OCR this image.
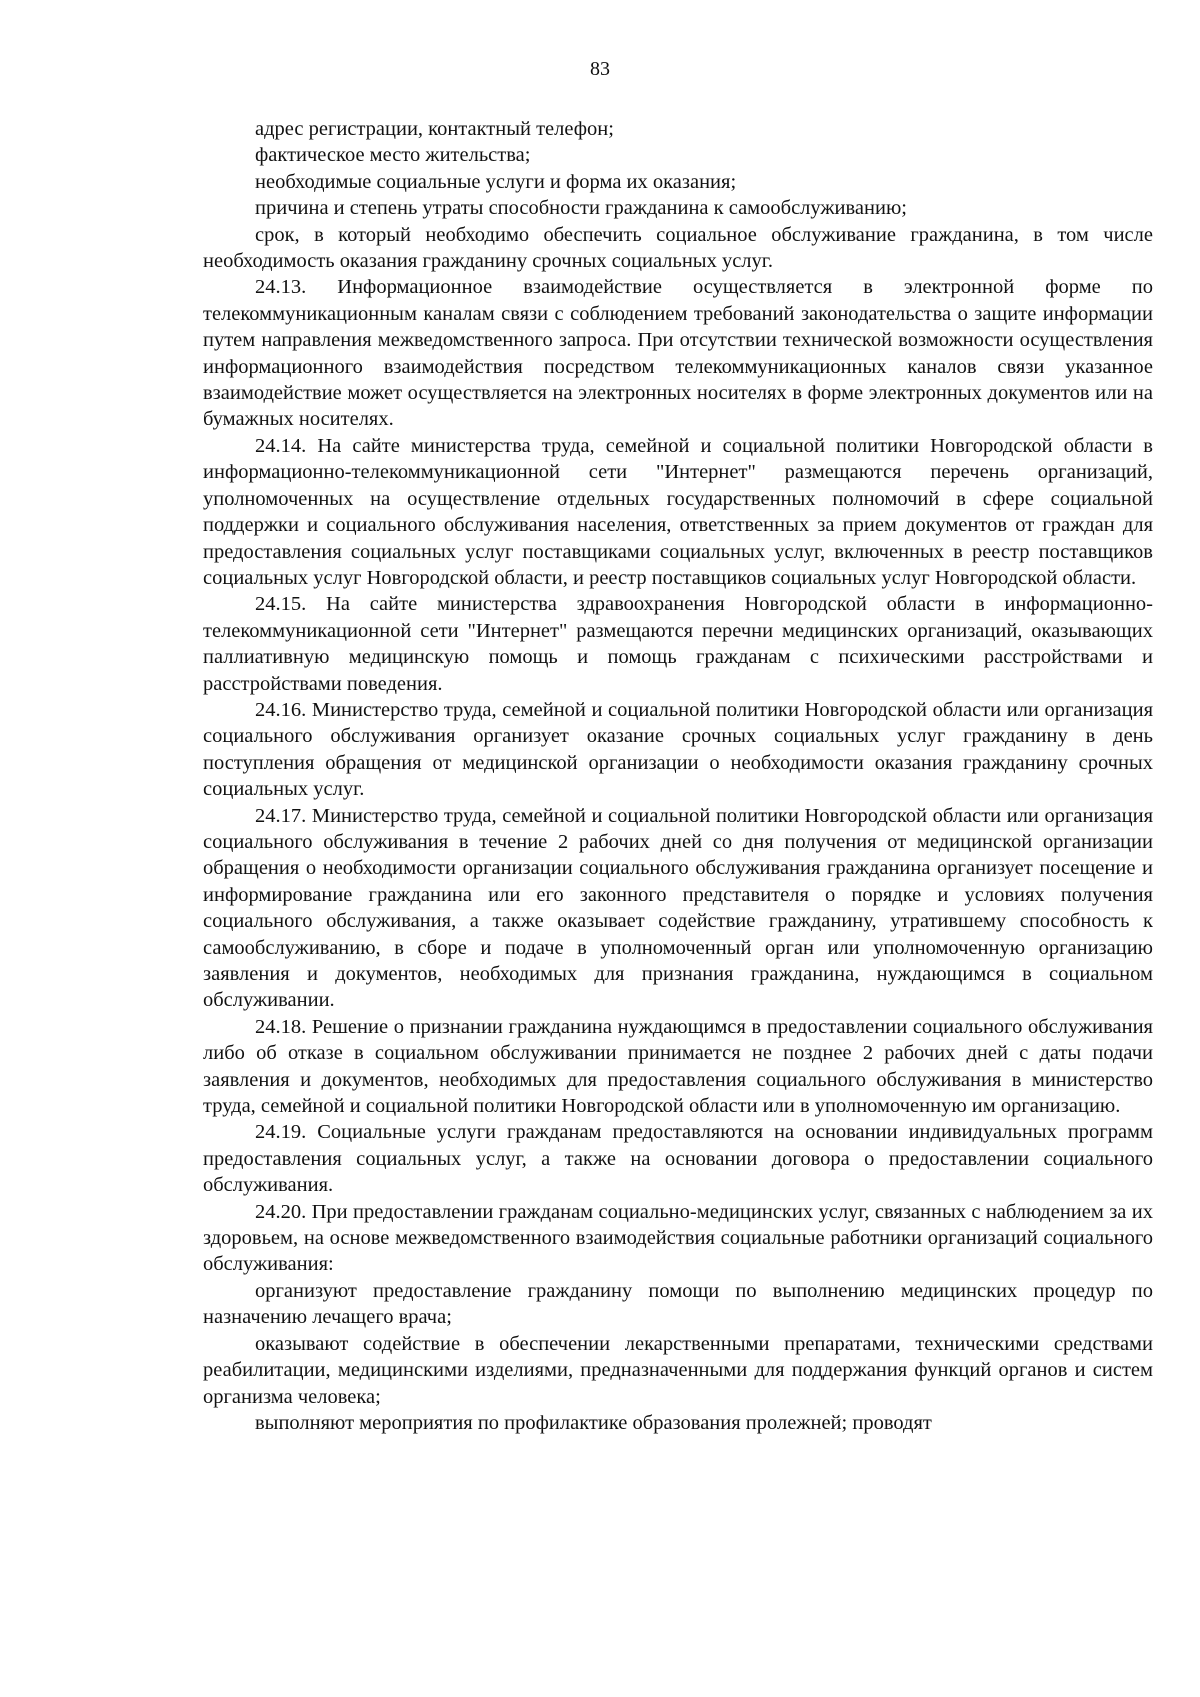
83

адрес регистрации, контактный телефон;

фактическое место жительства;

необходимые социальные услуги и форма их оказания;

причина и степень утраты способности гражданина к самообслуживанию;

срок, в который необходимо обеспечить социальное обслуживание гражданина, в том числе необходимость оказания гражданину срочных социальных услуг.

24.13. Информационное взаимодействие осуществляется в электронной форме по телекоммуникационным каналам связи с соблюдением требований законодательства о защите информации путем направления межведомственного запроса. При отсутствии технической возможности осуществления информационного взаимодействия посредством телекоммуникационных каналов связи указанное взаимодействие может осуществляется на электронных носителях в форме электронных документов или на бумажных носителях.

24.14. На сайте министерства труда, семейной и социальной политики Новгородской области в информационно-телекоммуникационной сети "Интернет" размещаются перечень организаций, уполномоченных на осуществление отдельных государственных полномочий в сфере социальной поддержки и социального обслуживания населения, ответственных за прием документов от граждан для предоставления социальных услуг поставщиками социальных услуг, включенных в реестр поставщиков социальных услуг Новгородской области, и реестр поставщиков социальных услуг Новгородской области.

24.15. На сайте министерства здравоохранения Новгородской области в информационно-телекоммуникационной сети "Интернет" размещаются перечни медицинских организаций, оказывающих паллиативную медицинскую помощь и помощь гражданам с психическими расстройствами и расстройствами поведения.

24.16. Министерство труда, семейной и социальной политики Новгородской области или организация социального обслуживания организует оказание срочных социальных услуг гражданину в день поступления обращения от медицинской организации о необходимости оказания гражданину срочных социальных услуг.

24.17. Министерство труда, семейной и социальной политики Новгородской области или организация социального обслуживания в течение 2 рабочих дней со дня получения от медицинской организации обращения о необходимости организации социального обслуживания гражданина организует посещение и информирование гражданина или его законного представителя о порядке и условиях получения социального обслуживания, а также оказывает содействие гражданину, утратившему способность к самообслуживанию, в сборе и подаче в уполномоченный орган или уполномоченную организацию заявления и документов, необходимых для признания гражданина, нуждающимся в социальном обслуживании.

24.18. Решение о признании гражданина нуждающимся в предоставлении социального обслуживания либо об отказе в социальном обслуживании принимается не позднее 2 рабочих дней с даты подачи заявления и документов, необходимых для предоставления социального обслуживания в министерство труда, семейной и социальной политики Новгородской области или в уполномоченную им организацию.

24.19. Социальные услуги гражданам предоставляются на основании индивидуальных программ предоставления социальных услуг, а также на основании договора о предоставлении социального обслуживания.

24.20. При предоставлении гражданам социально-медицинских услуг, связанных с наблюдением за их здоровьем, на основе межведомственного взаимодействия социальные работники организаций социального обслуживания:

организуют предоставление гражданину помощи по выполнению медицинских процедур по назначению лечащего врача;

оказывают содействие в обеспечении лекарственными препаратами, техническими средствами реабилитации, медицинскими изделиями, предназначенными для поддержания функций органов и систем организма человека;

выполняют мероприятия по профилактике образования пролежней; проводят
